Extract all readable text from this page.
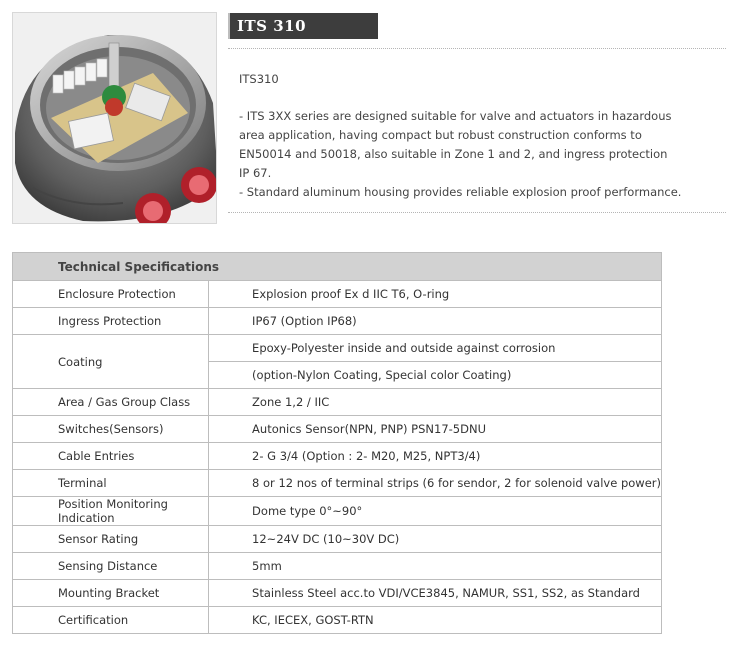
ITS 310

ITS310

- ITS 3XX series are designed suitable for valve and actuators in hazardous

area application, having compact but robust construction conforms to

EN50014 and 50018, also suitable in Zone 1 and 2, and ingress protection

IP 67.

- Standard aluminum housing provides reliable explosion proof performance.

Technical Specifications	
Enclosure Protection	Explosion proof Ex d IIC T6, O-ring
Ingress Protection	IP67 (Option IP68)
Coating	Epoxy-Polyester inside and outside against corrosion
	(option-Nylon Coating, Special color Coating)
Area / Gas Group Class	Zone 1,2 / IIC
Switches(Sensors)	Autonics Sensor(NPN, PNP) PSN17-5DNU
Cable Entries	2- G 3/4 (Option : 2- M20, M25, NPT3/4)
Terminal	8 or 12 nos of terminal strips (6 for sendor, 2 for solenoid valve power)
Position Monitoring Indication	Dome type 0°~90°
Sensor Rating	12~24V DC (10~30V DC)
Sensing Distance	5mm
Mounting Bracket	Stainless Steel acc.to VDI/VCE3845, NAMUR, SS1, SS2, as Standard
Certification	KC, IECEX, GOST-RTN
